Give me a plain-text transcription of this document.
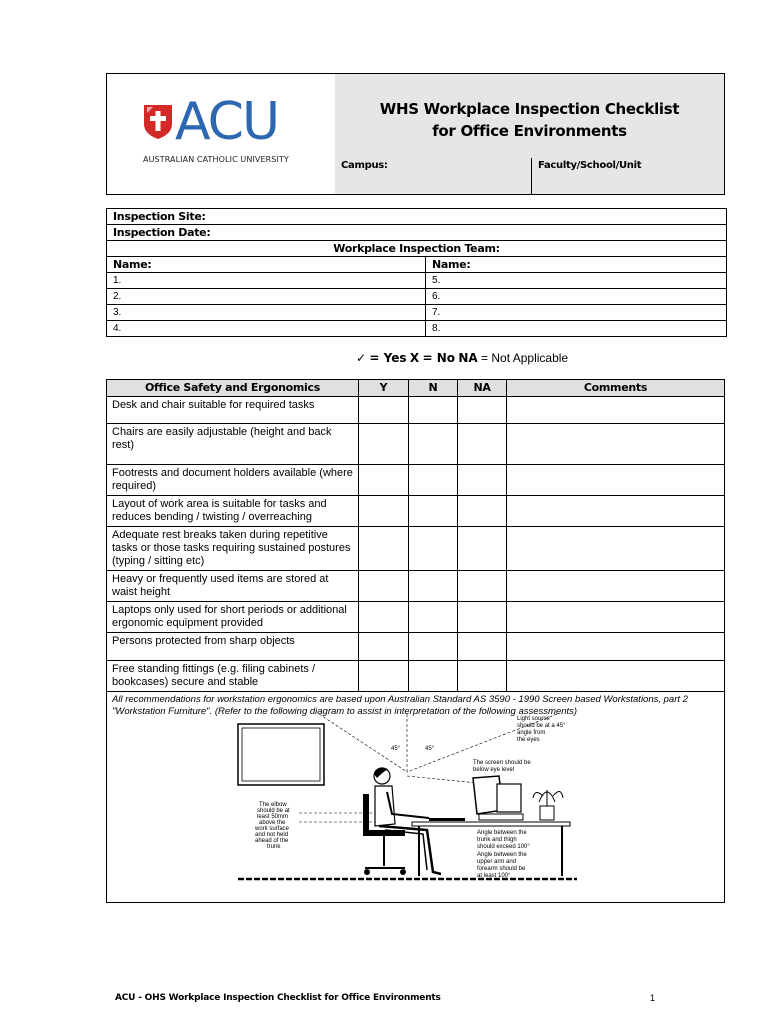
ACU
AUSTRALIAN CATHOLIC UNIVERSITY
WHS Workplace Inspection Checklist
for Office Environments
Campus:	Faculty/School/Unit
Inspection Site:	
Inspection Date:	
Workplace Inspection Team:	
Name:	Name:
1.	5.
2.	6.
3.	7.
4.	8.
✓ = Yes X = No NA = Not Applicable
Office Safety and Ergonomics	Y	N	NA	Comments
Desk and chair suitable for required tasks				
Chairs are easily adjustable (height and back rest)				
Footrests and document holders available (where required)				
Layout of work area is suitable for tasks and reduces bending / twisting / overreaching				
Adequate rest breaks taken during repetitive tasks or those tasks requiring sustained postures (typing / sitting etc)				
Heavy or frequently used items are stored at waist height				
Laptops only used for short periods or additional ergonomic equipment provided				
Persons protected from sharp objects				
Free standing fittings (e.g. filing cabinets / bookcases) secure and stable				

All recommendations for workstation ergonomics are based upon Australian Standard AS 3590 - 1990 Screen based Workstations, part 2 "Workstation Furniture". (Refer to the following diagram to assist in interpretation of the following assessments)				
45°	45°
Light source
should be at a 45°
angle from
the eyes
The screen should be
below eye level
The elbow
should be at
least 50mm
above the
work surface
and not held
ahead of the
trunk
Angle between the
trunk and thigh
should exceed 100°
Angle between the
upper arm and
forearm should be
at least 100°
ACU - OHS Workplace Inspection Checklist for Office Environments	1
